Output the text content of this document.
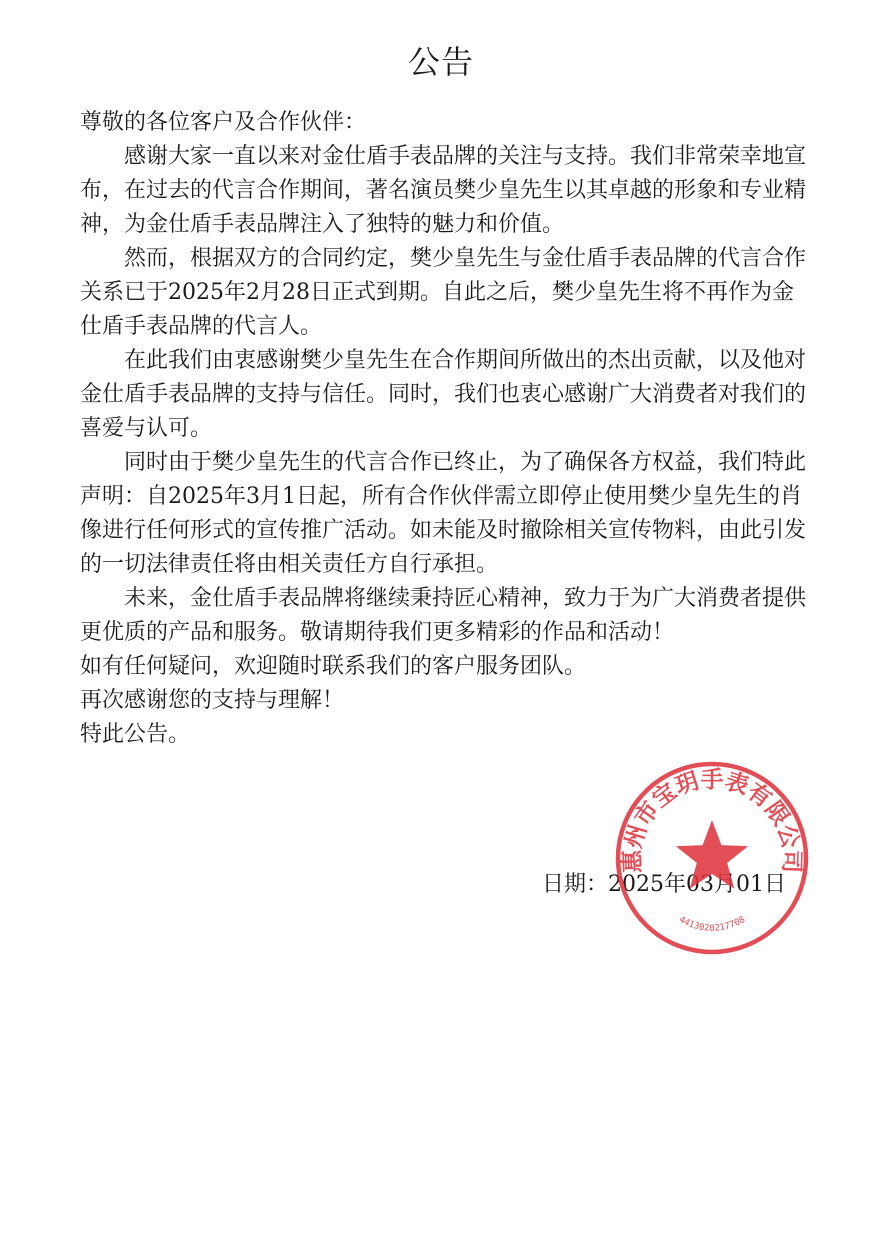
公告

尊敬的各位客户及合作伙伴：

感谢大家一直以来对金仕盾手表品牌的关注与支持。我们非常荣幸地宣布，在过去的代言合作期间，著名演员樊少皇先生以其卓越的形象和专业精神，为金仕盾手表品牌注入了独特的魅力和价值。

然而，根据双方的合同约定，樊少皇先生与金仕盾手表品牌的代言合作关系已于2025年2月28日正式到期。自此之后，樊少皇先生将不再作为金仕盾手表品牌的代言人。

在此我们由衷感谢樊少皇先生在合作期间所做出的杰出贡献，以及他对金仕盾手表品牌的支持与信任。同时，我们也衷心感谢广大消费者对我们的喜爱与认可。

同时由于樊少皇先生的代言合作已终止，为了确保各方权益，我们特此声明：自2025年3月1日起，所有合作伙伴需立即停止使用樊少皇先生的肖像进行任何形式的宣传推广活动。如未能及时撤除相关宣传物料，由此引发的一切法律责任将由相关责任方自行承担。

未来，金仕盾手表品牌将继续秉持匠心精神，致力于为广大消费者提供更优质的产品和服务。敬请期待我们更多精彩的作品和活动！

如有任何疑问，欢迎随时联系我们的客户服务团队。

再次感谢您的支持与理解！

特此公告。

日期：2025年03月01日
惠州市宝玥手表有限公司
4413020217708
